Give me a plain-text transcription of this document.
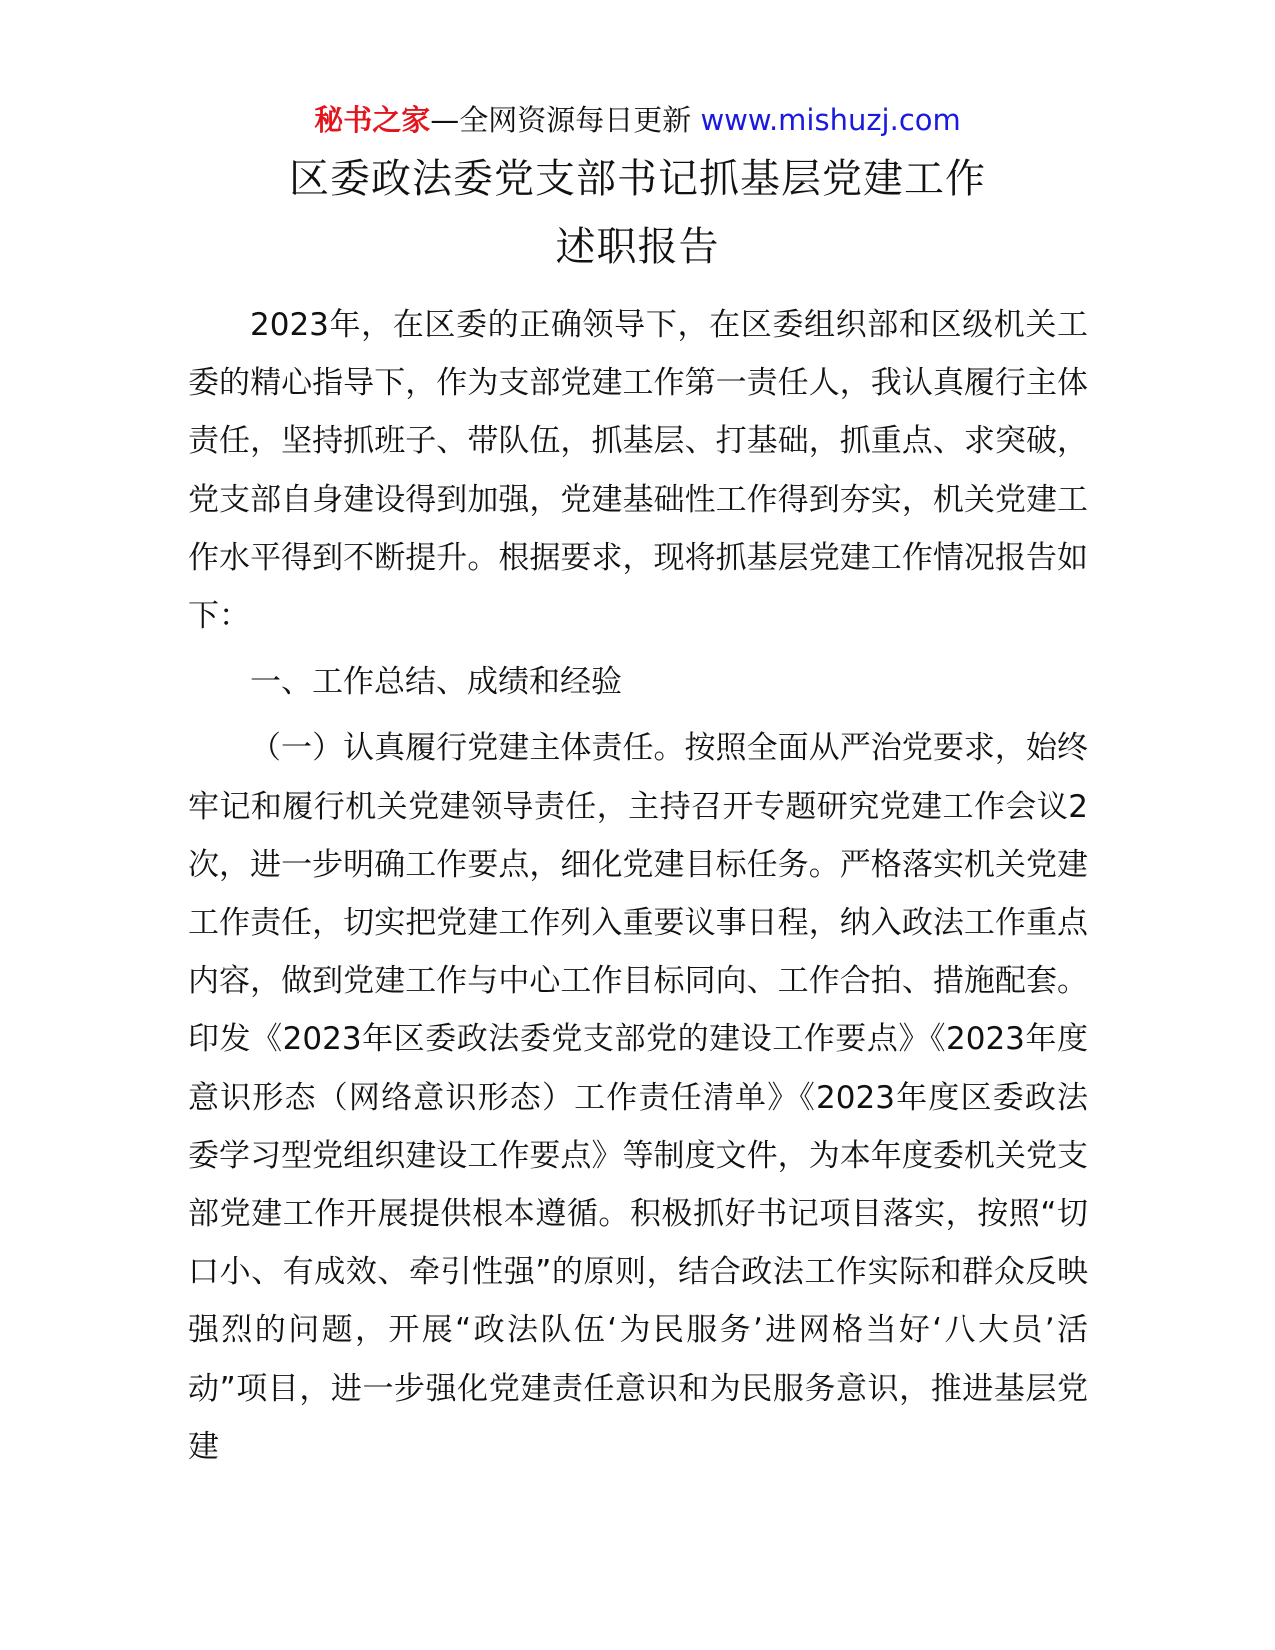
秘书之家—全网资源每日更新 www.mishuzj.com
区委政法委党支部书记抓基层党建工作
述职报告

2023年，在区委的正确领导下，在区委组织部和区级机关工委的精心指导下，作为支部党建工作第一责任人，我认真履行主体责任，坚持抓班子、带队伍，抓基层、打基础，抓重点、求突破，党支部自身建设得到加强，党建基础性工作得到夯实，机关党建工作水平得到不断提升。根据要求，现将抓基层党建工作情况报告如下：

一、工作总结、成绩和经验

（一）认真履行党建主体责任。按照全面从严治党要求，始终牢记和履行机关党建领导责任，主持召开专题研究党建工作会议2次，进一步明确工作要点，细化党建目标任务。严格落实机关党建工作责任，切实把党建工作列入重要议事日程，纳入政法工作重点内容，做到党建工作与中心工作目标同向、工作合拍、措施配套。印发《2023年区委政法委党支部党的建设工作要点》《2023年度意识形态（网络意识形态）工作责任清单》《2023年度区委政法委学习型党组织建设工作要点》等制度文件，为本年度委机关党支部党建工作开展提供根本遵循。积极抓好书记项目落实，按照“切口小、有成效、牵引性强”的原则，结合政法工作实际和群众反映强烈的问题，开展“政法队伍‘为民服务’进网格当好‘八大员’活动”项目，进一步强化党建责任意识和为民服务意识，推进基层党建
